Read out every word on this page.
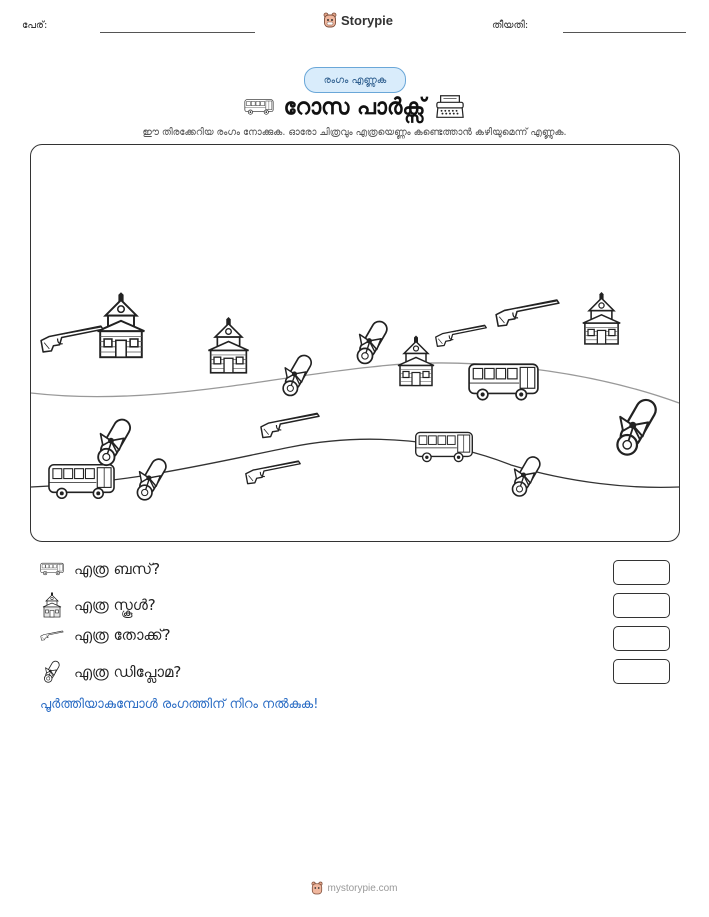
പേര്:	Storypie	തീയതി:
രംഗം എണ്ണുക
റോസ പാർക്സ്
ഈ തിരക്കേറിയ രംഗം നോക്കുക. ഓരോ ചിത്രവും എത്രയെണ്ണം കണ്ടെത്താൻ കഴിയുമെന്ന് എണ്ണുക.
എത്ര ബസ്?
എത്ര സ്കൂൾ?
എത്ര തോക്ക്?
എത്ര ഡിപ്ലോമ?
പൂർത്തിയാകുമ്പോൾ രംഗത്തിന് നിറം നൽകുക!
mystorypie.com
